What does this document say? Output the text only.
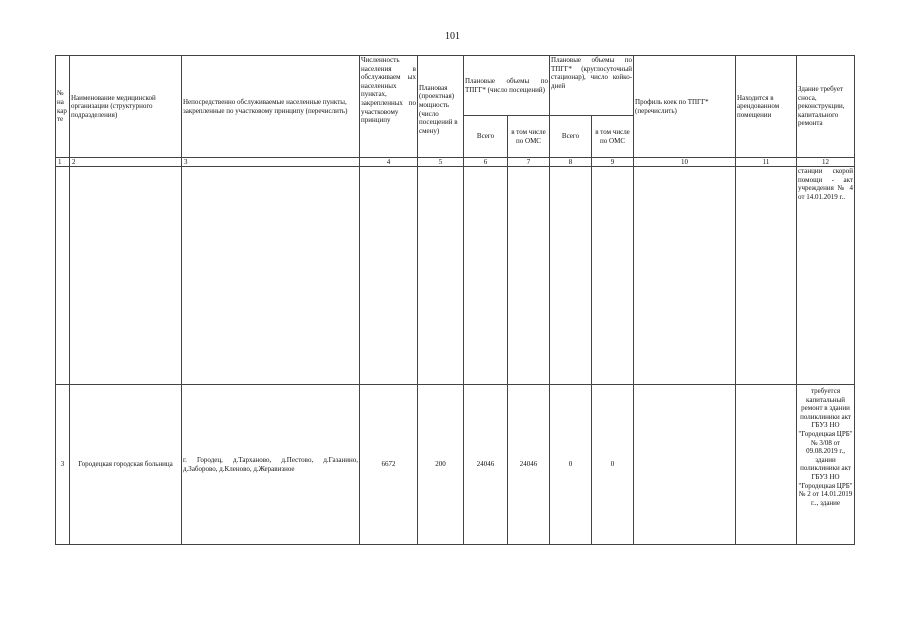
101
№ на кар те	Наименование медицинской организации (структурного подразделения)	Непосредственно обслуживаемые населенные пункты, закрепленные по участковому принципу (перечислить)	Численность населения в обслуживаем ых населенных пунктах, закрепленных по участковому принципу	Плановая (проектная) мощность (число посещений в смену)	Плановые объемы по ТПГГ* (число посещений)		Плановые объемы по ТПГГ* (круглосуточный стационар), число койко-дней		Профиль коек по ТПГГ* (перечислить)	Находится в арендованном помещении	Здание требует сноса, реконструкции, капитального ремонта
					Всего	в том числе по ОМС	Всего	в том числе по ОМС			
1	2	3	4	5	6	7	8	9	10	11	12
											станции скорой помощи - акт учреждения № 4 от 14.01.2019 г..
3	Городецкая городская больница	г. Городец, д.Тарханово, д.Пестово, д.Газанино, д.Заборово, д.Кленово, д.Жеравизное	6672	200	24046	24046	0	0			требуется капитальный ремонт в здании поликлиники акт ГБУЗ НО "Городецкая ЦРБ" № 3/08 от 09.08.2019 г., здании поликлиники акт ГБУЗ НО "Городецкая ЦРБ" № 2 от 14.01.2019 г.., здание
